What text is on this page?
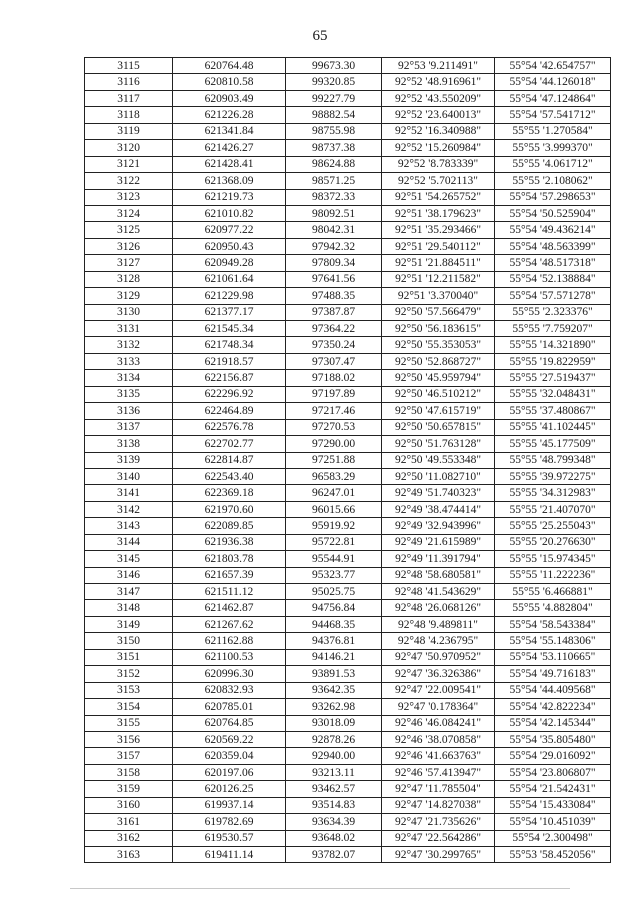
65
3115	620764.48	99673.30	92°53 '9.211491"	55°54 '42.654757"
3116	620810.58	99320.85	92°52 '48.916961"	55°54 '44.126018"
3117	620903.49	99227.79	92°52 '43.550209"	55°54 '47.124864"
3118	621226.28	98882.54	92°52 '23.640013"	55°54 '57.541712"
3119	621341.84	98755.98	92°52 '16.340988"	55°55 '1.270584"
3120	621426.27	98737.38	92°52 '15.260984"	55°55 '3.999370"
3121	621428.41	98624.88	92°52 '8.783339"	55°55 '4.061712"
3122	621368.09	98571.25	92°52 '5.702113"	55°55 '2.108062"
3123	621219.73	98372.33	92°51 '54.265752"	55°54 '57.298653"
3124	621010.82	98092.51	92°51 '38.179623"	55°54 '50.525904"
3125	620977.22	98042.31	92°51 '35.293466"	55°54 '49.436214"
3126	620950.43	97942.32	92°51 '29.540112"	55°54 '48.563399"
3127	620949.28	97809.34	92°51 '21.884511"	55°54 '48.517318"
3128	621061.64	97641.56	92°51 '12.211582"	55°54 '52.138884"
3129	621229.98	97488.35	92°51 '3.370040"	55°54 '57.571278"
3130	621377.17	97387.87	92°50 '57.566479"	55°55 '2.323376"
3131	621545.34	97364.22	92°50 '56.183615"	55°55 '7.759207"
3132	621748.34	97350.24	92°50 '55.353053"	55°55 '14.321890"
3133	621918.57	97307.47	92°50 '52.868727"	55°55 '19.822959"
3134	622156.87	97188.02	92°50 '45.959794"	55°55 '27.519437"
3135	622296.92	97197.89	92°50 '46.510212"	55°55 '32.048431"
3136	622464.89	97217.46	92°50 '47.615719"	55°55 '37.480867"
3137	622576.78	97270.53	92°50 '50.657815"	55°55 '41.102445"
3138	622702.77	97290.00	92°50 '51.763128"	55°55 '45.177509"
3139	622814.87	97251.88	92°50 '49.553348"	55°55 '48.799348"
3140	622543.40	96583.29	92°50 '11.082710"	55°55 '39.972275"
3141	622369.18	96247.01	92°49 '51.740323"	55°55 '34.312983"
3142	621970.60	96015.66	92°49 '38.474414"	55°55 '21.407070"
3143	622089.85	95919.92	92°49 '32.943996"	55°55 '25.255043"
3144	621936.38	95722.81	92°49 '21.615989"	55°55 '20.276630"
3145	621803.78	95544.91	92°49 '11.391794"	55°55 '15.974345"
3146	621657.39	95323.77	92°48 '58.680581"	55°55 '11.222236"
3147	621511.12	95025.75	92°48 '41.543629"	55°55 '6.466881"
3148	621462.87	94756.84	92°48 '26.068126"	55°55 '4.882804"
3149	621267.62	94468.35	92°48 '9.489811"	55°54 '58.543384"
3150	621162.88	94376.81	92°48 '4.236795"	55°54 '55.148306"
3151	621100.53	94146.21	92°47 '50.970952"	55°54 '53.110665"
3152	620996.30	93891.53	92°47 '36.326386"	55°54 '49.716183"
3153	620832.93	93642.35	92°47 '22.009541"	55°54 '44.409568"
3154	620785.01	93262.98	92°47 '0.178364"	55°54 '42.822234"
3155	620764.85	93018.09	92°46 '46.084241"	55°54 '42.145344"
3156	620569.22	92878.26	92°46 '38.070858"	55°54 '35.805480"
3157	620359.04	92940.00	92°46 '41.663763"	55°54 '29.016092"
3158	620197.06	93213.11	92°46 '57.413947"	55°54 '23.806807"
3159	620126.25	93462.57	92°47 '11.785504"	55°54 '21.542431"
3160	619937.14	93514.83	92°47 '14.827038"	55°54 '15.433084"
3161	619782.69	93634.39	92°47 '21.735626"	55°54 '10.451039"
3162	619530.57	93648.02	92°47 '22.564286"	55°54 '2.300498"
3163	619411.14	93782.07	92°47 '30.299765"	55°53 '58.452056"
